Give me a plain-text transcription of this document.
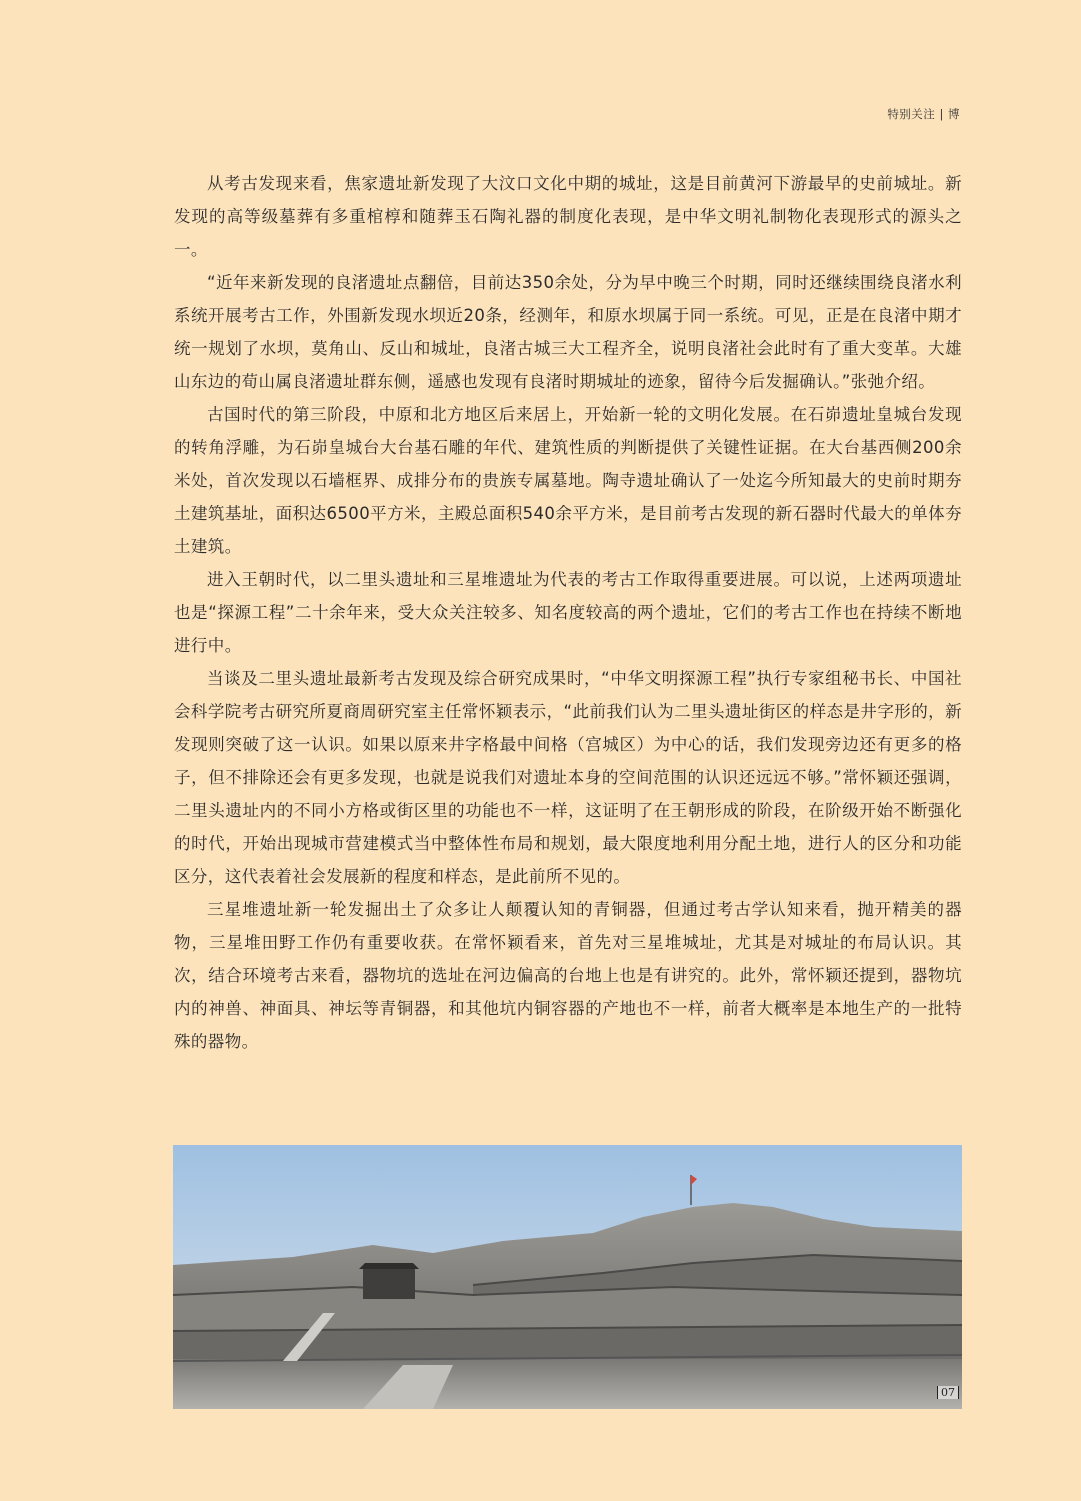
特别关注 | 博

从考古发现来看，焦家遗址新发现了大汶口文化中期的城址，这是目前黄河下游最早的史前城址。新发现的高等级墓葬有多重棺椁和随葬玉石陶礼器的制度化表现，是中华文明礼制物化表现形式的源头之一。

“近年来新发现的良渚遗址点翻倍，目前达350余处，分为早中晚三个时期，同时还继续围绕良渚水利系统开展考古工作，外围新发现水坝近20条，经测年，和原水坝属于同一系统。可见，正是在良渚中期才统一规划了水坝，莫角山、反山和城址，良渚古城三大工程齐全，说明良渚社会此时有了重大变革。大雄山东边的荀山属良渚遗址群东侧，遥感也发现有良渚时期城址的迹象，留待今后发掘确认。”张弛介绍。

古国时代的第三阶段，中原和北方地区后来居上，开始新一轮的文明化发展。在石峁遗址皇城台发现的转角浮雕，为石峁皇城台大台基石雕的年代、建筑性质的判断提供了关键性证据。在大台基西侧200余米处，首次发现以石墙框界、成排分布的贵族专属墓地。陶寺遗址确认了一处迄今所知最大的史前时期夯土建筑基址，面积达6500平方米，主殿总面积540余平方米，是目前考古发现的新石器时代最大的单体夯土建筑。

进入王朝时代，以二里头遗址和三星堆遗址为代表的考古工作取得重要进展。可以说，上述两项遗址也是“探源工程”二十余年来，受大众关注较多、知名度较高的两个遗址，它们的考古工作也在持续不断地进行中。

当谈及二里头遗址最新考古发现及综合研究成果时，“中华文明探源工程”执行专家组秘书长、中国社会科学院考古研究所夏商周研究室主任常怀颖表示，“此前我们认为二里头遗址街区的样态是井字形的，新发现则突破了这一认识。如果以原来井字格最中间格（宫城区）为中心的话，我们发现旁边还有更多的格子，但不排除还会有更多发现，也就是说我们对遗址本身的空间范围的认识还远远不够。”常怀颖还强调，二里头遗址内的不同小方格或街区里的功能也不一样，这证明了在王朝形成的阶段，在阶级开始不断强化的时代，开始出现城市营建模式当中整体性布局和规划，最大限度地利用分配土地，进行人的区分和功能区分，这代表着社会发展新的程度和样态，是此前所不见的。

三星堆遗址新一轮发掘出土了众多让人颠覆认知的青铜器，但通过考古学认知来看，抛开精美的器物，三星堆田野工作仍有重要收获。在常怀颖看来，首先对三星堆城址，尤其是对城址的布局认识。其次，结合环境考古来看，器物坑的选址在河边偏高的台地上也是有讲究的。此外，常怀颖还提到，器物坑内的神兽、神面具、神坛等青铜器，和其他坑内铜容器的产地也不一样，前者大概率是本地生产的一批特殊的器物。

07
